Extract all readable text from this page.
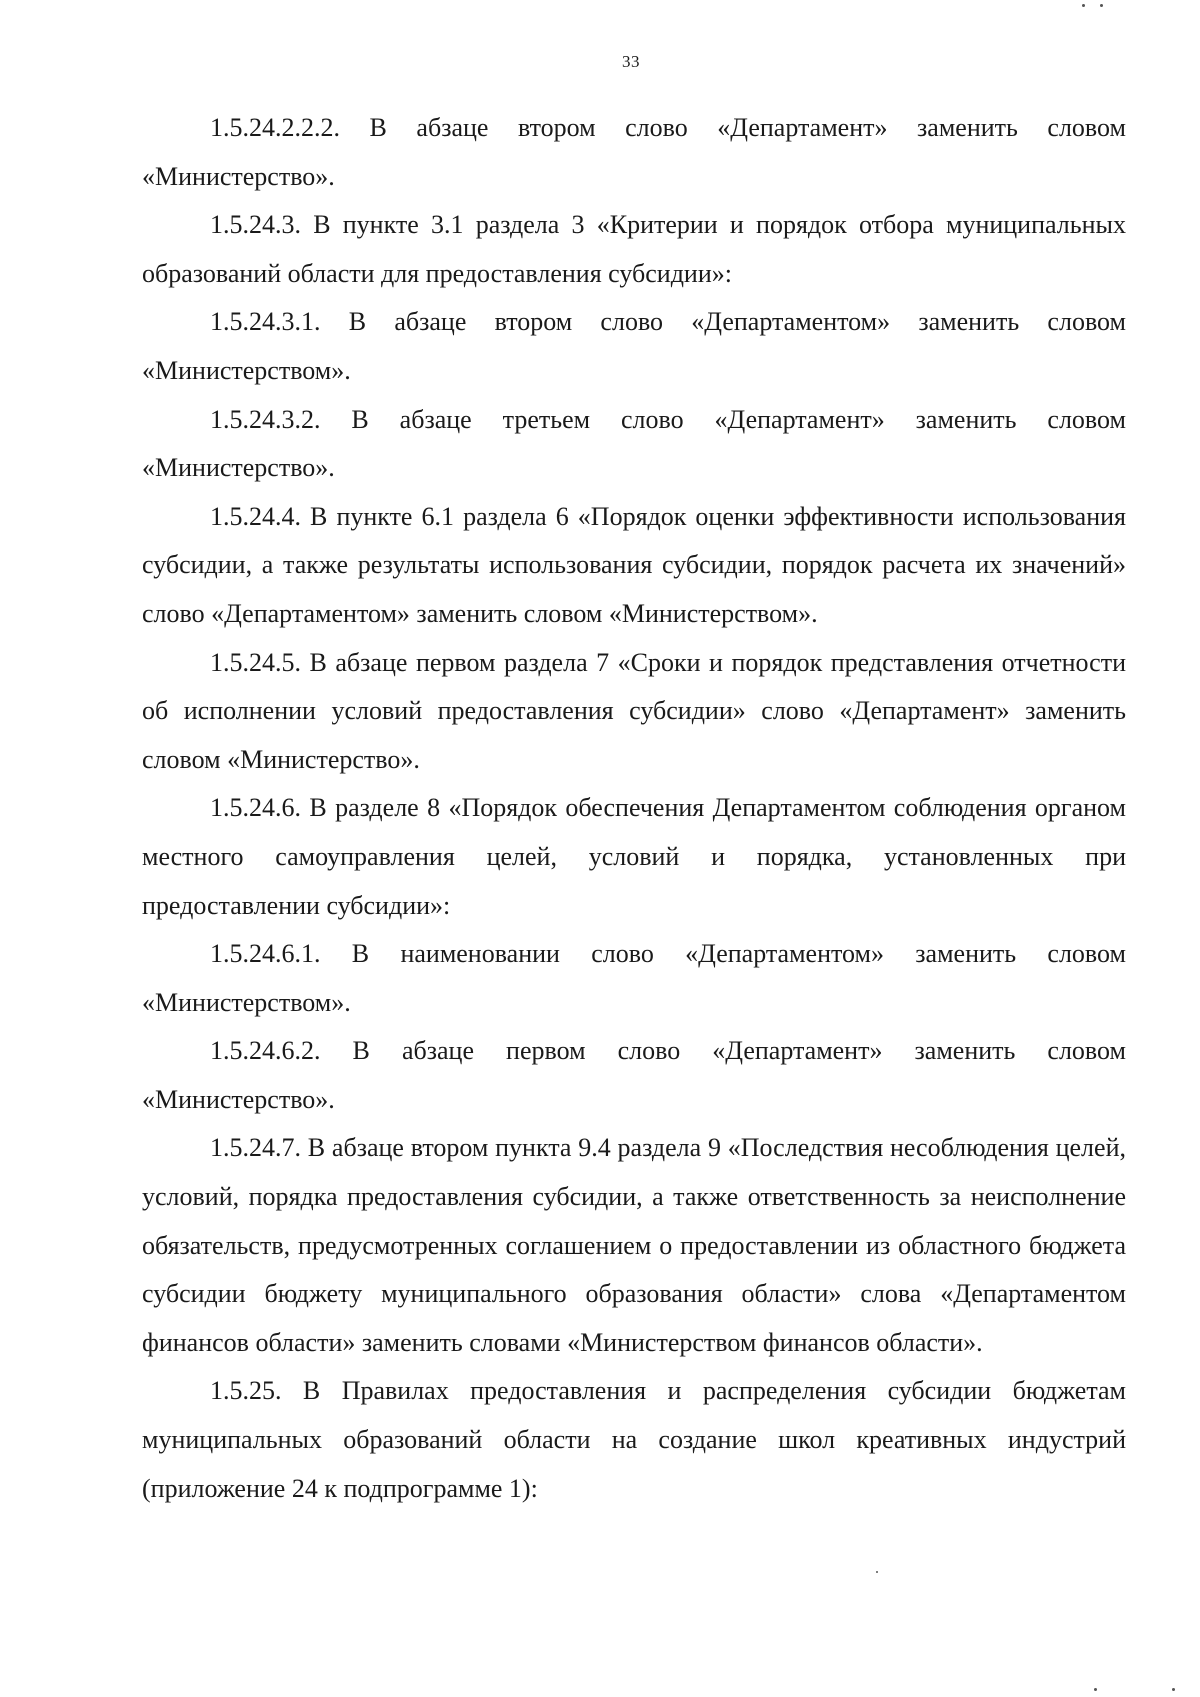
33

1.5.24.2.2.2. В абзаце втором слово «Департамент» заменить словом «Министерство».

1.5.24.3. В пункте 3.1 раздела 3 «Критерии и порядок отбора муниципальных образований области для предоставления субсидии»:

1.5.24.3.1. В абзаце втором слово «Департаментом» заменить словом «Министерством».

1.5.24.3.2. В абзаце третьем слово «Департамент» заменить словом «Министерство».

1.5.24.4. В пункте 6.1 раздела 6 «Порядок оценки эффективности использования субсидии, а также результаты использования субсидии, порядок расчета их значений» слово «Департаментом» заменить словом «Министерством».

1.5.24.5. В абзаце первом раздела 7 «Сроки и порядок представления отчетности об исполнении условий предоставления субсидии» слово «Департамент» заменить словом «Министерство».

1.5.24.6. В разделе 8 «Порядок обеспечения Департаментом соблюдения органом местного самоуправления целей, условий и порядка, установленных при предоставлении субсидии»:

1.5.24.6.1. В наименовании слово «Департаментом» заменить словом «Министерством».

1.5.24.6.2. В абзаце первом слово «Департамент» заменить словом «Министерство».

1.5.24.7. В абзаце втором пункта 9.4 раздела 9 «Последствия несоблюдения целей, условий, порядка предоставления субсидии, а также ответственность за неисполнение обязательств, предусмотренных соглашением о предоставлении из областного бюджета субсидии бюджету муниципального образования области» слова «Департаментом финансов области» заменить словами «Министерством финансов области».

1.5.25. В Правилах предоставления и распределения субсидии бюджетам муниципальных образований области на создание школ креативных индустрий (приложение 24 к подпрограмме 1):
